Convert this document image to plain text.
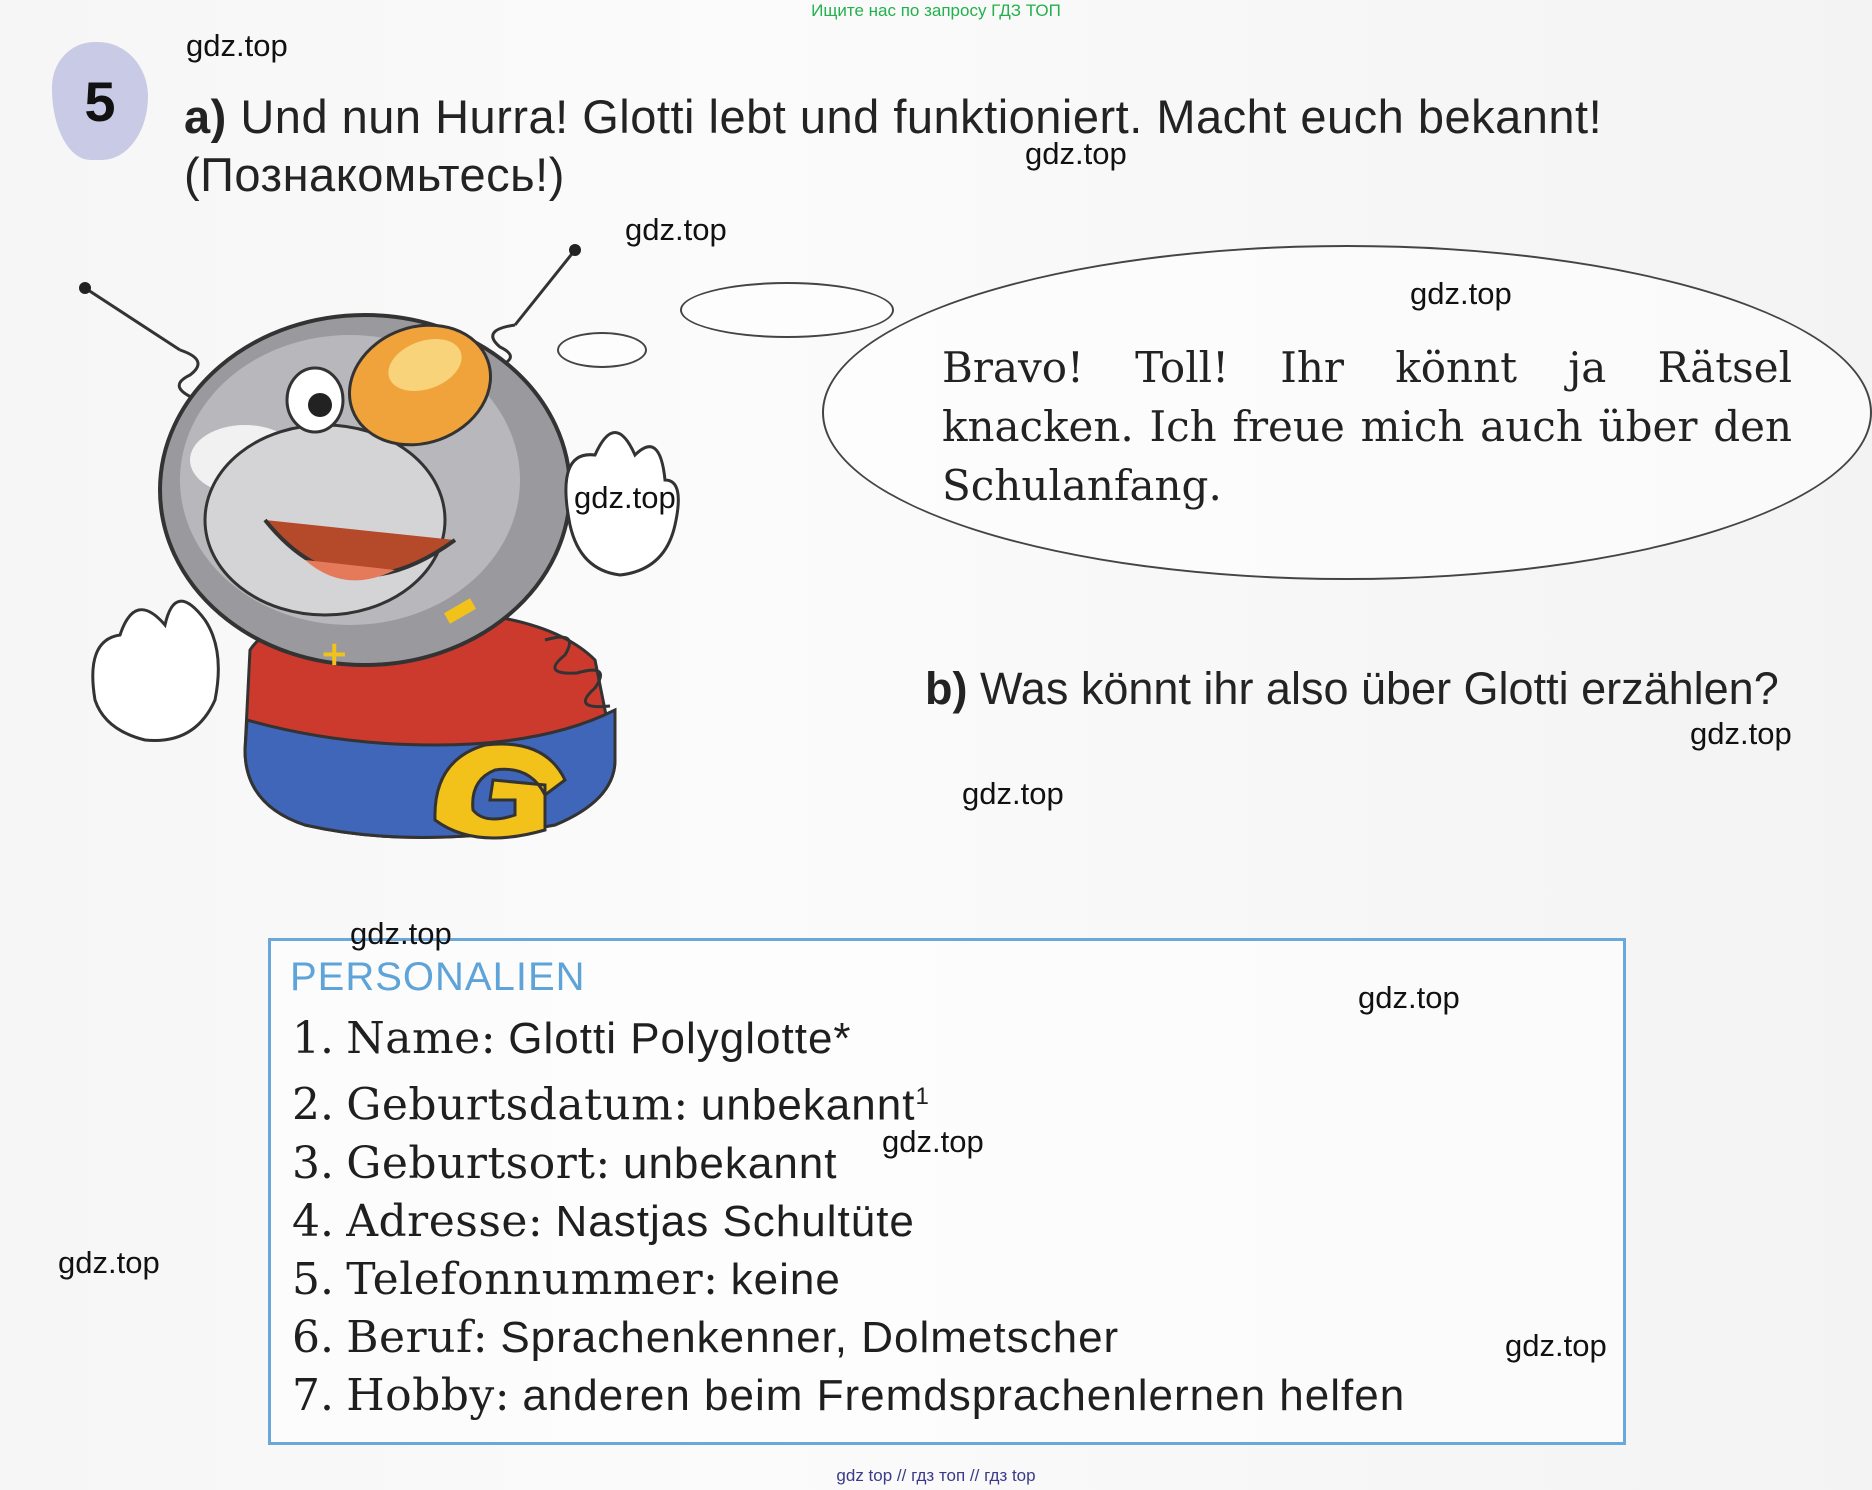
Ищите нас по запросу ГДЗ ТОП
5 a) Und nun Hurra! Glotti lebt und funktioniert. Macht euch bekannt!
(Познакомьтесь!)
Bravo! Toll! Ihr könnt ja Rätsel knacken. Ich freue mich auch über den Schulanfang.
+
b) Was könnt ihr also über Glotti erzählen?
PERSONALIEN
1. Name: Glotti Polyglotte*
2. Geburtsdatum: unbekannt$^1$
3. Geburtsort: unbekannt
4. Adresse: Nastjas Schultüte
5. Telefonnummer: keine
6. Beruf: Sprachenkenner, Dolmetscher
7. Hobby: anderen beim Fremdsprachenlernen helfen
gdz.top
gdz.top
gdz.top
gdz.top
gdz.top
gdz.top
gdz.top
gdz.top
gdz.top
gdz.top
gdz.top
gdz.top
gdz top // гдз топ // гдз top
